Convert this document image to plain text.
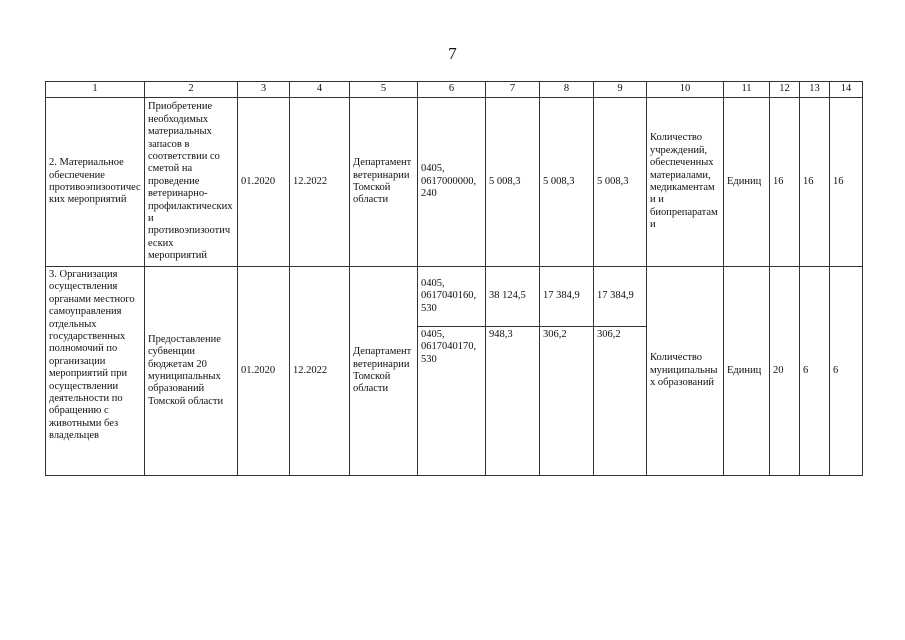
7
1	2	3	4	5	6	7	8	9	10	11	12	13	14
2. Материальное обеспечение противоэпизоотических мероприятий	Приобретение необходимых материальных запасов в соответствии со сметой на проведение ветеринарно-профилактических и противоэпизоотических мероприятий	01.2020	12.2022	Департамент ветеринарии Томской области	0405, 0617000000, 240	5 008,3	5 008,3	5 008,3	Количество учреждений, обеспеченных материалами, медикаментами и биопрепаратами	Единиц	16	16	16
3. Организация осуществления органами местного самоуправления отдельных государственных полномочий по организации мероприятий при осуществлении деятельности по обращению с животными без владельцев	Предоставление субвенции бюджетам 20 муниципальных образований Томской области	01.2020	12.2022	Департамент ветеринарии Томской области	0405, 0617040160, 530	38 124,5	17 384,9	17 384,9	Количество муниципальных образований	Единиц	20	6	6
					0405, 0617040170, 530	948,3	306,2	306,2					
